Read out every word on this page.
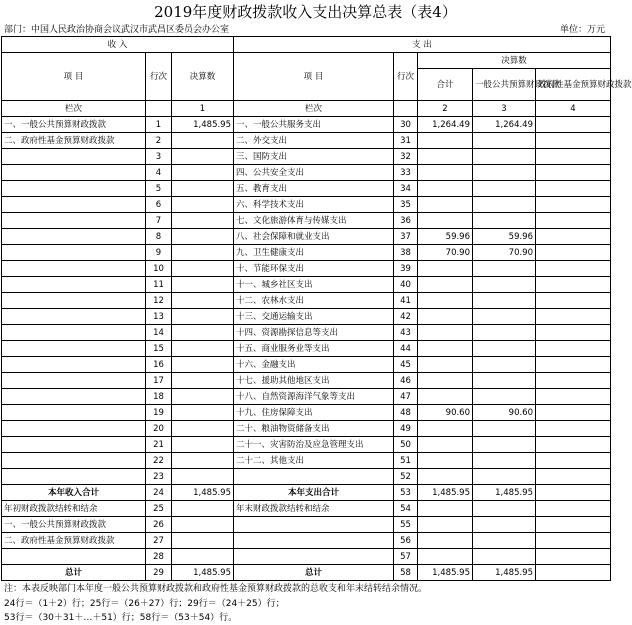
2019年度财政拨款收入支出决算总表（表4）
部门：中国人民政治协商会议武汉市武昌区委员会办公室	单位：万元
收 入			支 出				
项 目	行次	决算数	项 目	行次	决算数		
					合计	一般公共预算财政拨款	政府性基金预算财政拨款
栏次		1	栏次		2	3	4
一、一般公共预算财政拨款	1	1,485.95	一、一般公共服务支出	30	1,264.49	1,264.49	
二、政府性基金预算财政拨款	2		二、外交支出	31			
	3		三、国防支出	32			
	4		四、公共安全支出	33			
	5		五、教育支出	34			
	6		六、科学技术支出	35			
	7		七、文化旅游体育与传媒支出	36			
	8		八、社会保障和就业支出	37	59.96	59.96	
	9		九、卫生健康支出	38	70.90	70.90	
	10		十、节能环保支出	39			
	11		十一、城乡社区支出	40			
	12		十二、农林水支出	41			
	13		十三、交通运输支出	42			
	14		十四、资源勘探信息等支出	43			
	15		十五、商业服务业等支出	44			
	16		十六、金融支出	45			
	17		十七、援助其他地区支出	46			
	18		十八、自然资源海洋气象等支出	47			
	19		十九、住房保障支出	48	90.60	90.60	
	20		二十、粮油物资储备支出	49			
	21		二十一、灾害防治及应急管理支出	50			
	22		二十二、其他支出	51			
	23			52			
本年收入合计	24	1,485.95	本年支出合计	53	1,485.95	1,485.95	
年初财政拨款结转和结余	25		年末财政拨款结转和结余	54			
一、一般公共预算财政拨款	26			55			
二、政府性基金预算财政拨款	27			56			
	28			57			
总计	29	1,485.95	总计	58	1,485.95	1,485.95	
注：本表反映部门本年度一般公共预算财政拨款和政府性基金预算财政拨款的总收支和年末结转结余情况。
24行＝（1＋2）行；25行＝（26＋27）行；29行＝（24＋25）行；
53行＝（30＋31＋…＋51）行；58行＝（53＋54）行。
